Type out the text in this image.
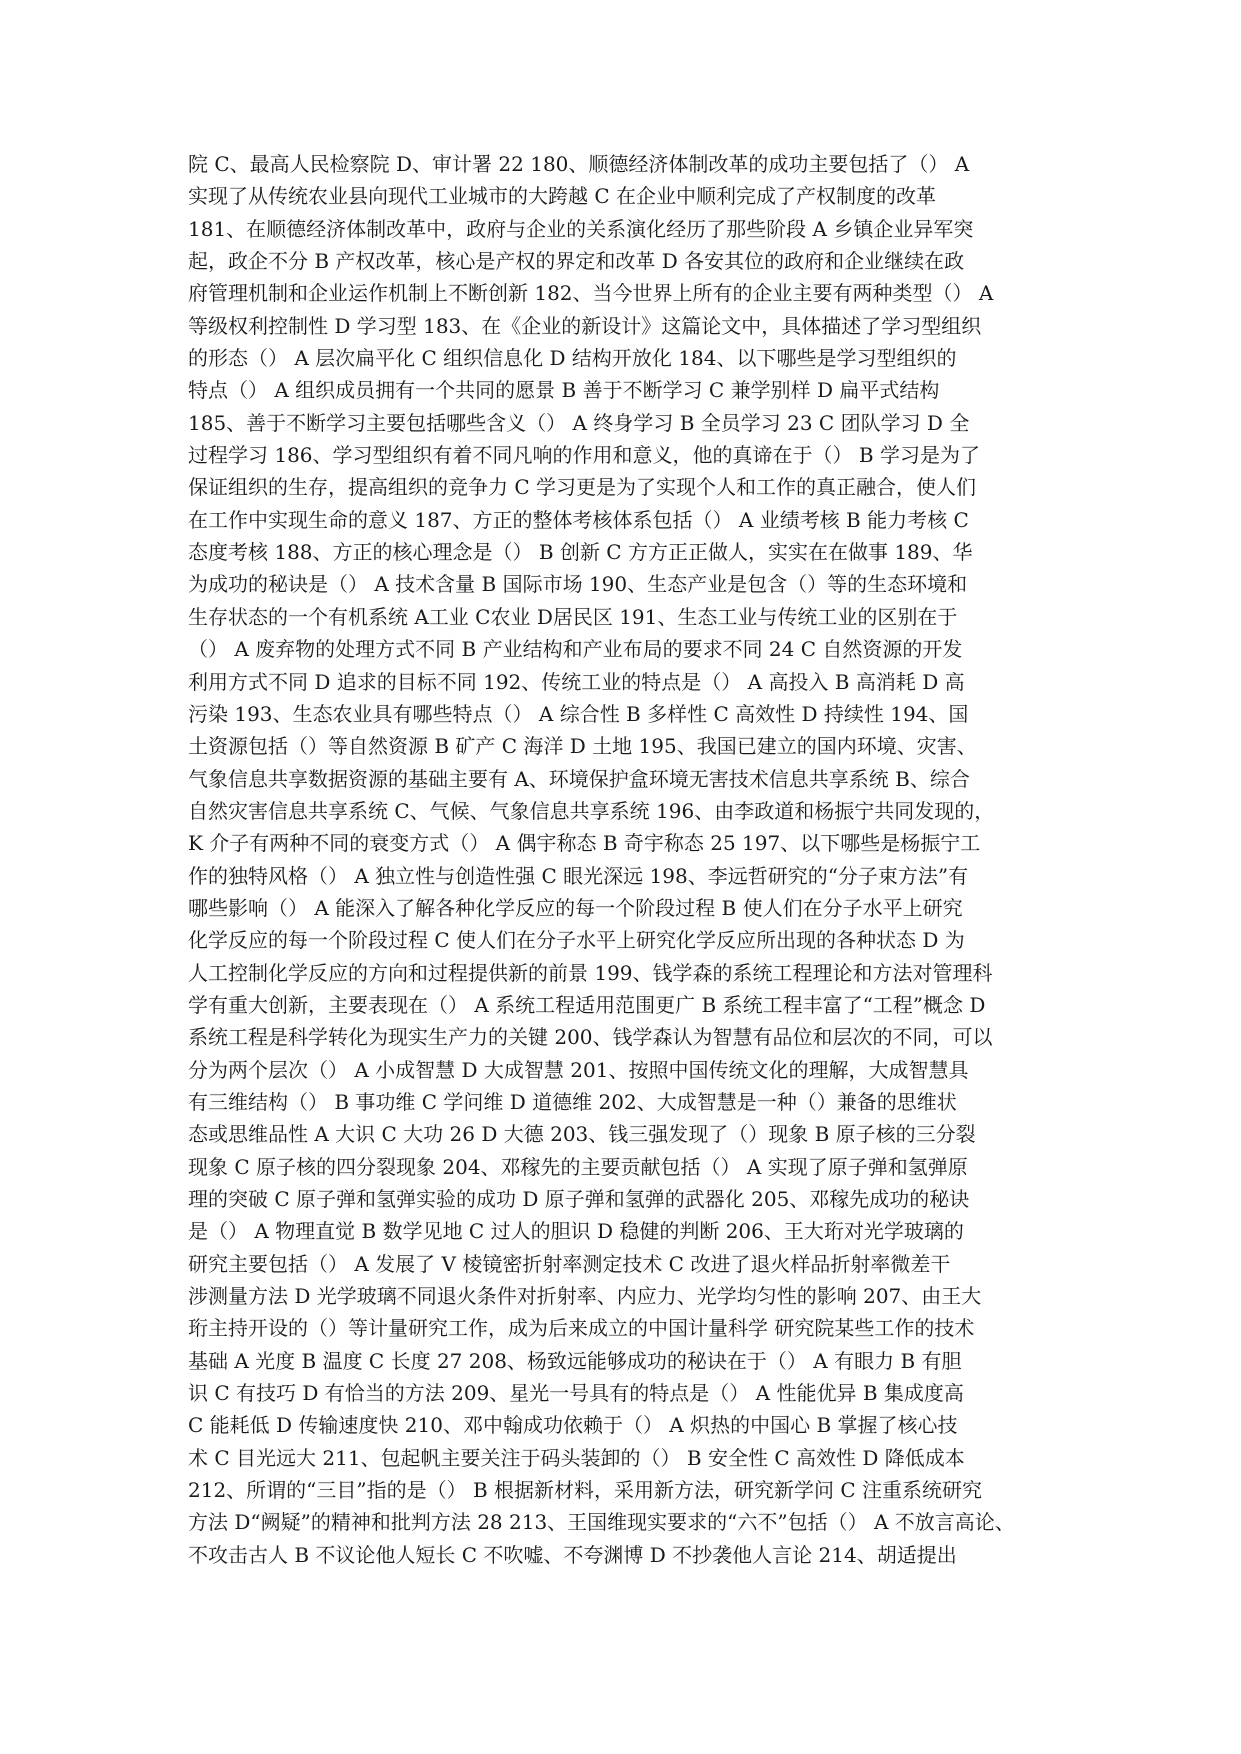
院 C、最高人民检察院 D、审计署 22 180、顺德经济体制改革的成功主要包括了（） A
实现了从传统农业县向现代工业城市的大跨越 C 在企业中顺利完成了产权制度的改革
181、在顺德经济体制改革中，政府与企业的关系演化经历了那些阶段 A 乡镇企业异军突
起，政企不分 B 产权改革，核心是产权的界定和改革 D 各安其位的政府和企业继续在政
府管理机制和企业运作机制上不断创新 182、当今世界上所有的企业主要有两种类型（） A
等级权利控制性 D 学习型 183、在《企业的新设计》这篇论文中，具体描述了学习型组织
的形态（） A 层次扁平化 C 组织信息化 D 结构开放化 184、以下哪些是学习型组织的
特点（） A 组织成员拥有一个共同的愿景 B 善于不断学习 C 兼学别样 D 扁平式结构
185、善于不断学习主要包括哪些含义（） A 终身学习 B 全员学习 23 C 团队学习 D 全
过程学习 186、学习型组织有着不同凡响的作用和意义，他的真谛在于（） B 学习是为了
保证组织的生存，提高组织的竞争力 C 学习更是为了实现个人和工作的真正融合，使人们
在工作中实现生命的意义 187、方正的整体考核体系包括（） A 业绩考核 B 能力考核 C
态度考核 188、方正的核心理念是（） B 创新 C 方方正正做人，实实在在做事 189、华
为成功的秘诀是（） A 技术含量 B 国际市场 190、生态产业是包含（）等的生态环境和
生存状态的一个有机系统 A工业 C农业 D居民区 191、生态工业与传统工业的区别在于
（） A 废弃物的处理方式不同 B 产业结构和产业布局的要求不同 24 C 自然资源的开发
利用方式不同 D 追求的目标不同 192、传统工业的特点是（） A 高投入 B 高消耗 D 高
污染 193、生态农业具有哪些特点（） A 综合性 B 多样性 C 高效性 D 持续性 194、国
土资源包括（）等自然资源 B 矿产 C 海洋 D 土地 195、我国已建立的国内环境、灾害、
气象信息共享数据资源的基础主要有 A、环境保护盒环境无害技术信息共享系统 B、综合
自然灾害信息共享系统 C、气候、气象信息共享系统 196、由李政道和杨振宁共同发现的，
K 介子有两种不同的衰变方式（） A 偶宇称态 B 奇宇称态 25 197、以下哪些是杨振宁工
作的独特风格（） A 独立性与创造性强 C 眼光深远 198、李远哲研究的“分子束方法”有
哪些影响（） A 能深入了解各种化学反应的每一个阶段过程 B 使人们在分子水平上研究
化学反应的每一个阶段过程 C 使人们在分子水平上研究化学反应所出现的各种状态 D 为
人工控制化学反应的方向和过程提供新的前景 199、钱学森的系统工程理论和方法对管理科
学有重大创新，主要表现在（） A 系统工程适用范围更广 B 系统工程丰富了“工程”概念 D
系统工程是科学转化为现实生产力的关键 200、钱学森认为智慧有品位和层次的不同，可以
分为两个层次（） A 小成智慧 D 大成智慧 201、按照中国传统文化的理解，大成智慧具
有三维结构（） B 事功维 C 学问维 D 道德维 202、大成智慧是一种（）兼备的思维状
态或思维品性 A 大识 C 大功 26 D 大德 203、钱三强发现了（）现象 B 原子核的三分裂
现象 C 原子核的四分裂现象 204、邓稼先的主要贡献包括（） A 实现了原子弹和氢弹原
理的突破 C 原子弹和氢弹实验的成功 D 原子弹和氢弹的武器化 205、邓稼先成功的秘诀
是（） A 物理直觉 B 数学见地 C 过人的胆识 D 稳健的判断 206、王大珩对光学玻璃的
研究主要包括（） A 发展了 V 棱镜密折射率测定技术 C 改进了退火样品折射率微差干
涉测量方法 D 光学玻璃不同退火条件对折射率、内应力、光学均匀性的影响 207、由王大
珩主持开设的（）等计量研究工作，成为后来成立的中国计量科学 研究院某些工作的技术
基础 A 光度 B 温度 C 长度 27 208、杨致远能够成功的秘诀在于（） A 有眼力 B 有胆
识 C 有技巧 D 有恰当的方法 209、星光一号具有的特点是（） A 性能优异 B 集成度高
C 能耗低 D 传输速度快 210、邓中翰成功依赖于（） A 炽热的中国心 B 掌握了核心技
术 C 目光远大 211、包起帆主要关注于码头装卸的（） B 安全性 C 高效性 D 降低成本
212、所谓的“三目”指的是（） B 根据新材料，采用新方法，研究新学问 C 注重系统研究
方法 D“阙疑”的精神和批判方法 28 213、王国维现实要求的“六不”包括（） A 不放言高论、
不攻击古人 B 不议论他人短长 C 不吹嘘、不夸渊博 D 不抄袭他人言论 214、胡适提出
